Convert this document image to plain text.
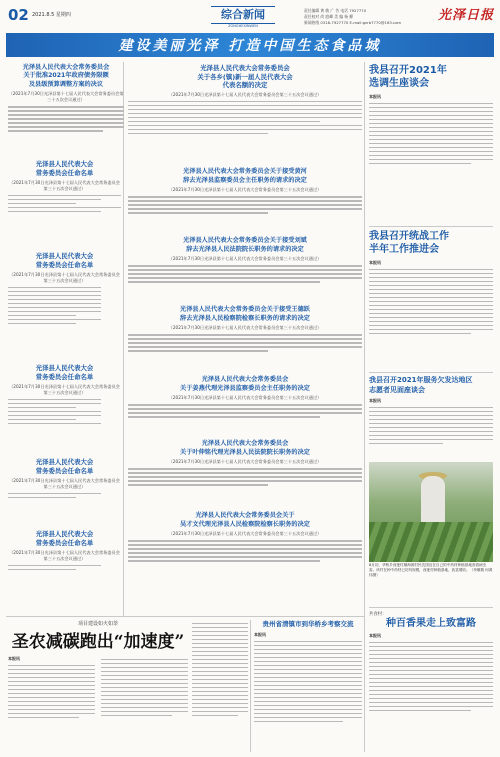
02 2021.8.5 星期四	综合新闻
ZONGHEXINWEN
责任编辑 黄 敏 广 告 电话 7927770
责任校对 尚 庭峰 美 编 杨 柳
新闻热线 0318-7927770 E-mail:gzrb7770@163.com	光泽日报
建设美丽光泽 打造中国生态食品城
光泽县人民代表大会常务委员会
关于批准2021年政府债务限额
及县级预算调整方案的决议
（2021年7月30日光泽县第十七届人民代表大会常务委员会第三十五次会议通过）
光泽县人民代表大会
常务委员会任命名单
（2021年7月30日光泽县第十七届人民代表大会常务委员会第三十五次会议通过）
光泽县人民代表大会
常务委员会任命名单
（2021年7月30日光泽县第十七届人民代表大会常务委员会第三十五次会议通过）
光泽县人民代表大会
常务委员会任命名单
（2021年7月30日光泽县第十七届人民代表大会常务委员会第三十五次会议通过）
光泽县人民代表大会
常务委员会任命名单
（2021年7月30日光泽县第十七届人民代表大会常务委员会第三十五次会议通过）
光泽县人民代表大会
常务委员会任命名单
（2021年7月30日光泽县第十七届人民代表大会常务委员会第三十五次会议通过）
光泽县人民代表大会常务委员会
关于各乡(镇)新一届人民代表大会
代表名额的决定
（2021年7月30日光泽县第十七届人民代表大会常务委员会第三十五次会议通过）
光泽县人民代表大会常务委员会关于接受黄河
辞去光泽县监察委员会主任职务的请求的决定
（2021年7月30日光泽县第十七届人民代表大会常务委员会第三十五次会议通过）
光泽县人民代表大会常务委员会关于接受刘斌
辞去光泽县人民法院院长职务的请求的决定
（2021年7月30日光泽县第十七届人民代表大会常务委员会第三十五次会议通过）
光泽县人民代表大会常务委员会关于接受王德跃
辞去光泽县人民检察院检察长职务的请求的决定
（2021年7月30日光泽县第十七届人民代表大会常务委员会第三十五次会议通过）
光泽县人民代表大会常务委员会
关于姜燕代理光泽县监察委员会主任职务的决定
（2021年7月30日光泽县第十七届人民代表大会常务委员会第三十五次会议通过）
光泽县人民代表大会常务委员会
关于叶伸铭代理光泽县人民法院院长职务的决定
（2021年7月30日光泽县第十七届人民代表大会常务委员会第三十五次会议通过）
光泽县人民代表大会常务委员会关于
吴才文代理光泽县人民检察院检察长职务的决定
（2021年7月30日光泽县第十七届人民代表大会常务委员会第三十五次会议通过）
我县召开2021年
选调生座谈会
本报讯
我县召开统战工作
半年工作推进会
本报讯
我县召开2021年服务欠发达地区
志愿者见面座谈会
本报讯
8月初，华桥乡西莲村顺海源村民沈国良在自己的中药材种植基地查看病虫害。该村在种中药材已初具规模，西莲村种植基地，致富增收。（李顺精 何鸿伟摄）
共食村：
种百香果走上致富路
本报讯
项目建设如火如荼
圣农减碳跑出“加速度”
本报讯
贵州省清镇市到华桥乡考察交流
本报讯
